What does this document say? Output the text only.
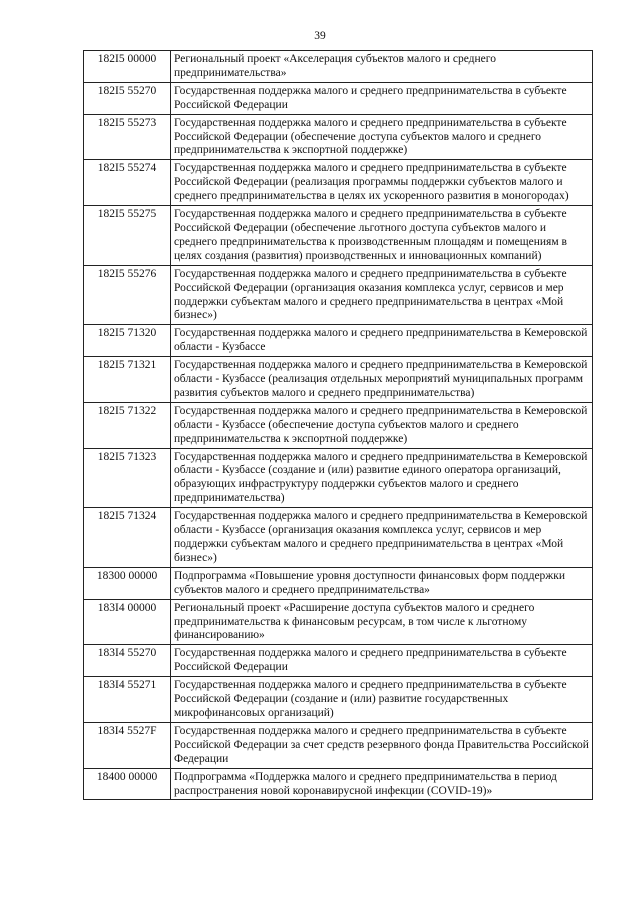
39
182I5 00000	Региональный проект «Акселерация субъектов малого и среднего предпринимательства»
182I5 55270	Государственная поддержка малого и среднего предпринимательства в субъекте Российской Федерации
182I5 55273	Государственная поддержка малого и среднего предпринимательства в субъекте Российской Федерации (обеспечение доступа субъектов малого и среднего предпринимательства к экспортной поддержке)
182I5 55274	Государственная поддержка малого и среднего предпринимательства в субъекте Российской Федерации (реализация программы поддержки субъектов малого и среднего предпринимательства в целях их ускоренного развития в моногородах)
182I5 55275	Государственная поддержка малого и среднего предпринимательства в субъекте Российской Федерации (обеспечение льготного доступа субъектов малого и среднего предпринимательства к производственным площадям и помещениям в целях создания (развития) производственных и инновационных компаний)
182I5 55276	Государственная поддержка малого и среднего предпринимательства в субъекте Российской Федерации (организация оказания комплекса услуг, сервисов и мер поддержки субъектам малого и среднего предпринимательства в центрах «Мой бизнес»)
182I5 71320	Государственная поддержка малого и среднего предпринимательства в Кемеровской области - Кузбассе
182I5 71321	Государственная поддержка малого и среднего предпринимательства в Кемеровской области - Кузбассе (реализация отдельных мероприятий муниципальных программ развития субъектов малого и среднего предпринимательства)
182I5 71322	Государственная поддержка малого и среднего предпринимательства в Кемеровской области - Кузбассе (обеспечение доступа субъектов малого и среднего предпринимательства к экспортной поддержке)
182I5 71323	Государственная поддержка малого и среднего предпринимательства в Кемеровской области - Кузбассе (создание и (или) развитие единого оператора организаций, образующих инфраструктуру поддержки субъектов малого и среднего предпринимательства)
182I5 71324	Государственная поддержка малого и среднего предпринимательства в Кемеровской области - Кузбассе (организация оказания комплекса услуг, сервисов и мер поддержки субъектам малого и среднего предпринимательства в центрах «Мой бизнес»)
18300 00000	Подпрограмма «Повышение уровня доступности финансовых форм поддержки субъектов малого и среднего предпринимательства»
183I4 00000	Региональный проект «Расширение доступа субъектов малого и среднего предпринимательства к финансовым ресурсам, в том числе к льготному финансированию»
183I4 55270	Государственная поддержка малого и среднего предпринимательства в субъекте Российской Федерации
183I4 55271	Государственная поддержка малого и среднего предпринимательства в субъекте Российской Федерации (создание и (или) развитие государственных микрофинансовых организаций)
183I4 5527F	Государственная поддержка малого и среднего предпринимательства в субъекте Российской Федерации за счет средств резервного фонда Правительства Российской Федерации
18400 00000	Подпрограмма «Поддержка малого и среднего предпринимательства в период распространения новой коронавирусной инфекции (COVID-19)»
